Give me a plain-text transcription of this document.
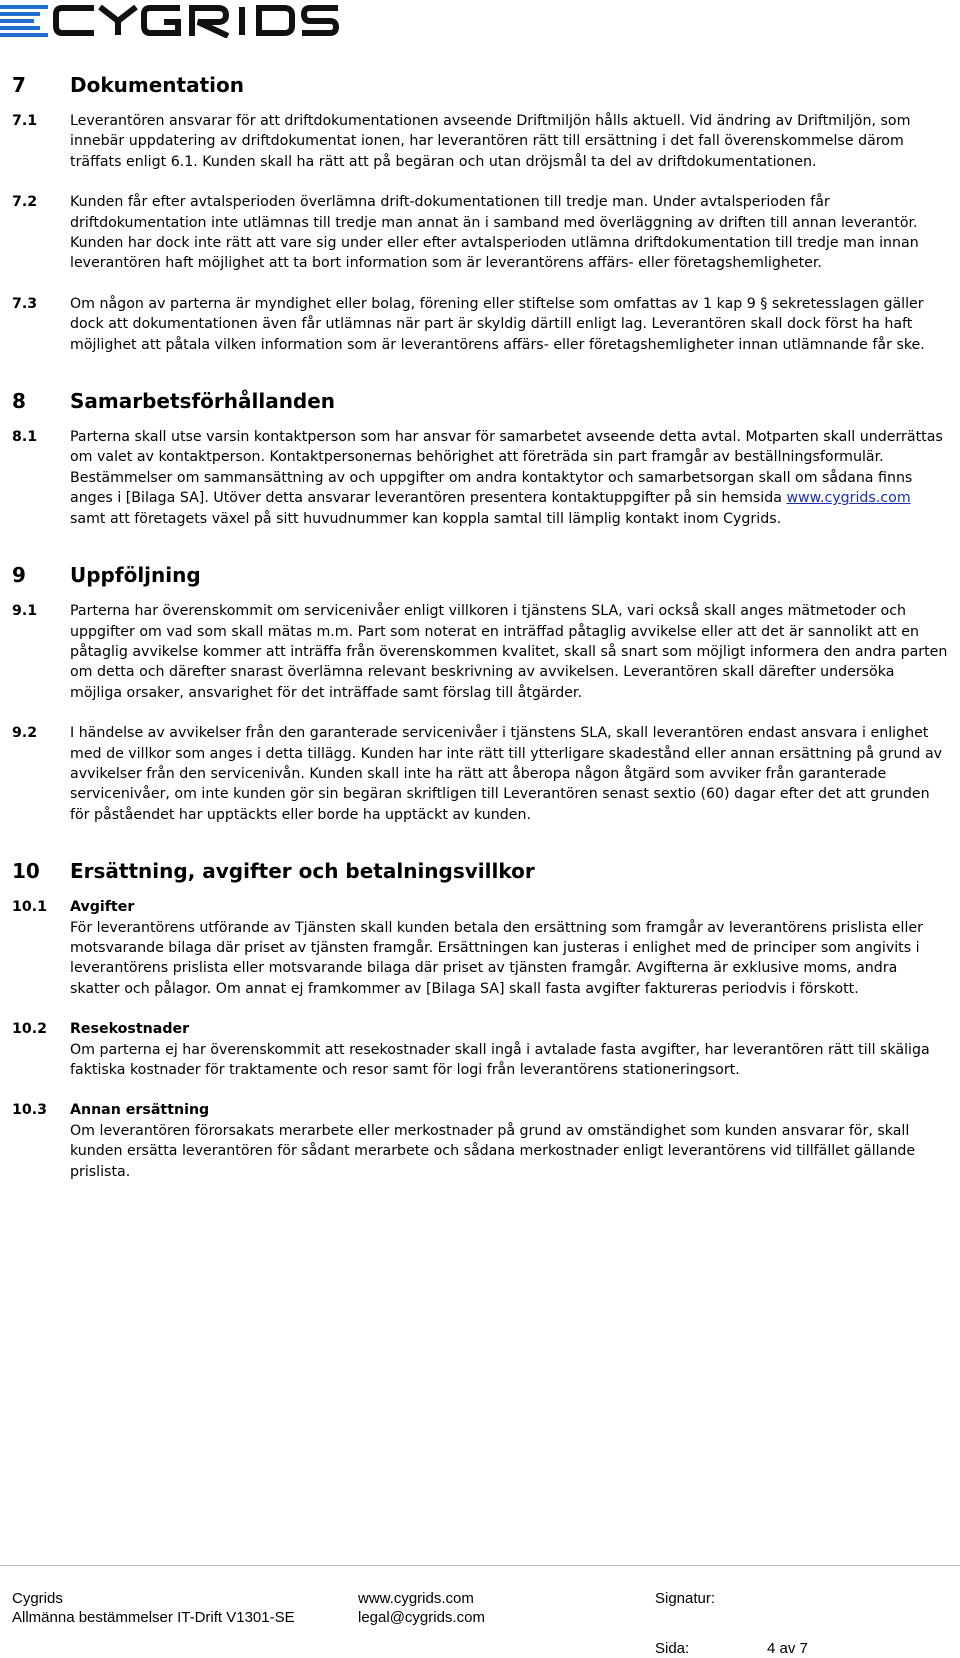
7	Dokumentation
7.1	Leverantören ansvarar för att driftdokumentationen avseende Driftmiljön hålls aktuell. Vid ändring av Driftmiljön, som innebär uppdatering av driftdokumentat ionen, har leverantören rätt till ersättning i det fall överenskommelse därom träffats enligt 6.1. Kunden skall ha rätt att på begäran och utan dröjsmål ta del av driftdokumentationen.
7.2	Kunden får efter avtalsperioden överlämna drift-dokumentationen till tredje man. Under avtalsperioden får driftdokumentation inte utlämnas till tredje man annat än i samband med överläggning av driften till annan leverantör. Kunden har dock inte rätt att vare sig under eller efter avtalsperioden utlämna driftdokumentation till tredje man innan leverantören haft möjlighet att ta bort information som är leverantörens affärs- eller företagshemligheter.
7.3	Om någon av parterna är myndighet eller bolag, förening eller stiftelse som omfattas av 1 kap 9 § sekretesslagen gäller dock att dokumentationen även får utlämnas när part är skyldig därtill enligt lag. Leverantören skall dock först ha haft möjlighet att påtala vilken information som är leverantörens affärs- eller företagshemligheter innan utlämnande får ske.
8	Samarbetsförhållanden
8.1	Parterna skall utse varsin kontaktperson som har ansvar för samarbetet avseende detta avtal. Motparten skall underrättas om valet av kontaktperson. Kontaktpersonernas behörighet att företräda sin part framgår av beställningsformulär. Bestämmelser om sammansättning av och uppgifter om andra kontaktytor och samarbetsorgan skall om sådana finns anges i [Bilaga SA]. Utöver detta ansvarar leverantören presentera kontaktuppgifter på sin hemsida www.cygrids.com samt att företagets växel på sitt huvudnummer kan koppla samtal till lämplig kontakt inom Cygrids.
9	Uppföljning
9.1	Parterna har överenskommit om servicenivåer enligt villkoren i tjänstens SLA, vari också skall anges mätmetoder och uppgifter om vad som skall mätas m.m. Part som noterat en inträffad påtaglig avvikelse eller att det är sannolikt att en påtaglig avvikelse kommer att inträffa från överenskommen kvalitet, skall så snart som möjligt informera den andra parten om detta och därefter snarast överlämna relevant beskrivning av avvikelsen. Leverantören skall därefter undersöka möjliga orsaker, ansvarighet för det inträffade samt förslag till åtgärder.
9.2	I händelse av avvikelser från den garanterade servicenivåer i tjänstens SLA, skall leverantören endast ansvara i enlighet med de villkor som anges i detta tillägg. Kunden har inte rätt till ytterligare skadestånd eller annan ersättning på grund av avvikelser från den servicenivån. Kunden skall inte ha rätt att åberopa någon åtgärd som avviker från garanterade servicenivåer, om inte kunden gör sin begäran skriftligen till Leverantören senast sextio (60) dagar efter det att grunden för påståendet har upptäckts eller borde ha upptäckt av kunden.
10	Ersättning, avgifter och betalningsvillkor
10.1	Avgifter

För leverantörens utförande av Tjänsten skall kunden betala den ersättning som framgår av leverantörens prislista eller motsvarande bilaga där priset av tjänsten framgår. Ersättningen kan justeras i enlighet med de principer som angivits i leverantörens prislista eller motsvarande bilaga där priset av tjänsten framgår. Avgifterna är exklusive moms, andra skatter och pålagor. Om annat ej framkommer av [Bilaga SA] skall fasta avgifter faktureras periodvis i förskott.

10.2	Resekostnader

Om parterna ej har överenskommit att resekostnader skall ingå i avtalade fasta avgifter, har leverantören rätt till skäliga faktiska kostnader för traktamente och resor samt för logi från leverantörens stationeringsort.

10.3	Annan ersättning

Om leverantören förorsakats merarbete eller merkostnader på grund av omständighet som kunden ansvarar för, skall kunden ersätta leverantören för sådant merarbete och sådana merkostnader enligt leverantörens vid tillfället gällande prislista.

Cygrids
Allmänna bestämmelser IT-Drift V1301-SE
www.cygrids.com
legal@cygrids.com
Signatur:
Sida:	4 av 7
